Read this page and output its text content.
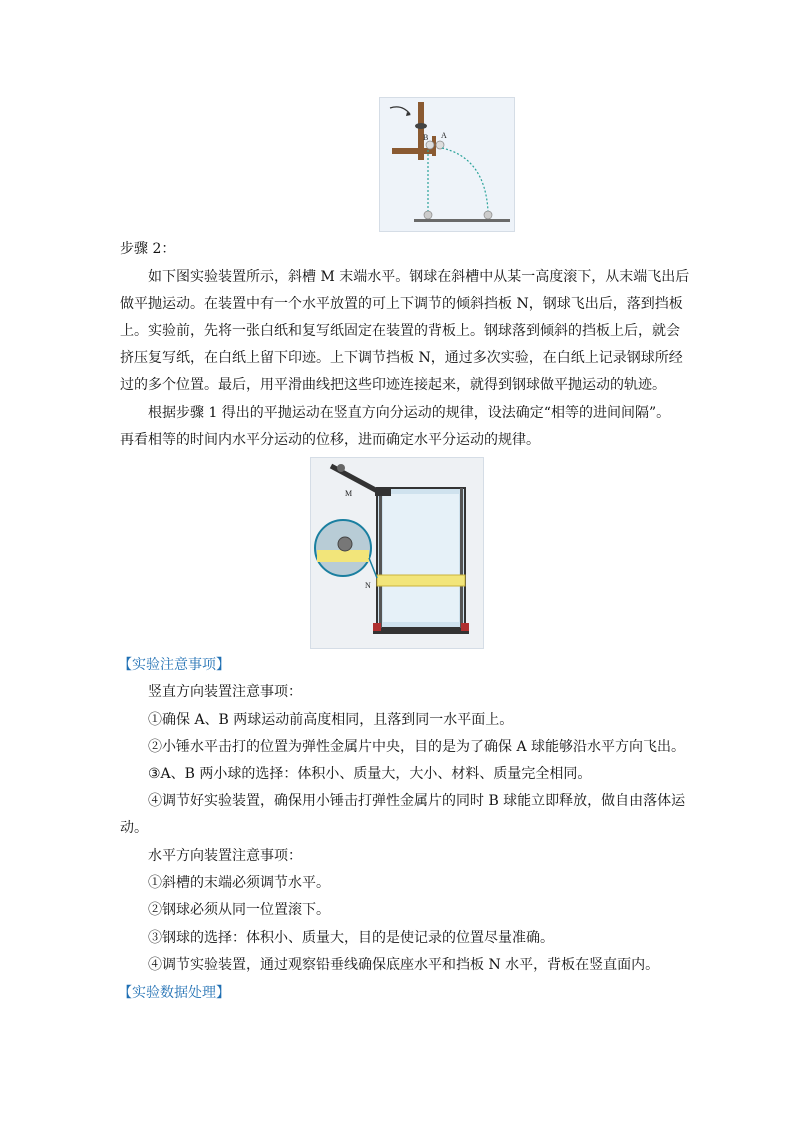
B A
步骤 2：
如下图实验装置所示，斜槽 M 末端水平。钢球在斜槽中从某一高度滚下，从末端飞出后
做平抛运动。在装置中有一个水平放置的可上下调节的倾斜挡板 N，钢球飞出后，落到挡板
上。实验前，先将一张白纸和复写纸固定在装置的背板上。钢球落到倾斜的挡板上后，就会
挤压复写纸，在白纸上留下印迹。上下调节挡板 N，通过多次实验，在白纸上记录钢球所经
过的多个位置。最后，用平滑曲线把这些印迹连接起来，就得到钢球做平抛运动的轨迹。
根据步骤 1 得出的平抛运动在竖直方向分运动的规律，设法确定“相等的进间间隔”。
再看相等的时间内水平分运动的位移，进而确定水平分运动的规律。
M
N
【实验注意事项】
竖直方向装置注意事项：
①确保 A、B 两球运动前高度相同，且落到同一水平面上。
②小锤水平击打的位置为弹性金属片中央，目的是为了确保 A 球能够沿水平方向飞出。
③A、B 两小球的选择：体积小、质量大，大小、材料、质量完全相同。
④调节好实验装置，确保用小锤击打弹性金属片的同时 B 球能立即释放，做自由落体运
动。
水平方向装置注意事项：
①斜槽的末端必须调节水平。
②钢球必须从同一位置滚下。
③钢球的选择：体积小、质量大，目的是使记录的位置尽量准确。
④调节实验装置，通过观察铅垂线确保底座水平和挡板 N 水平，背板在竖直面内。
【实验数据处理】
